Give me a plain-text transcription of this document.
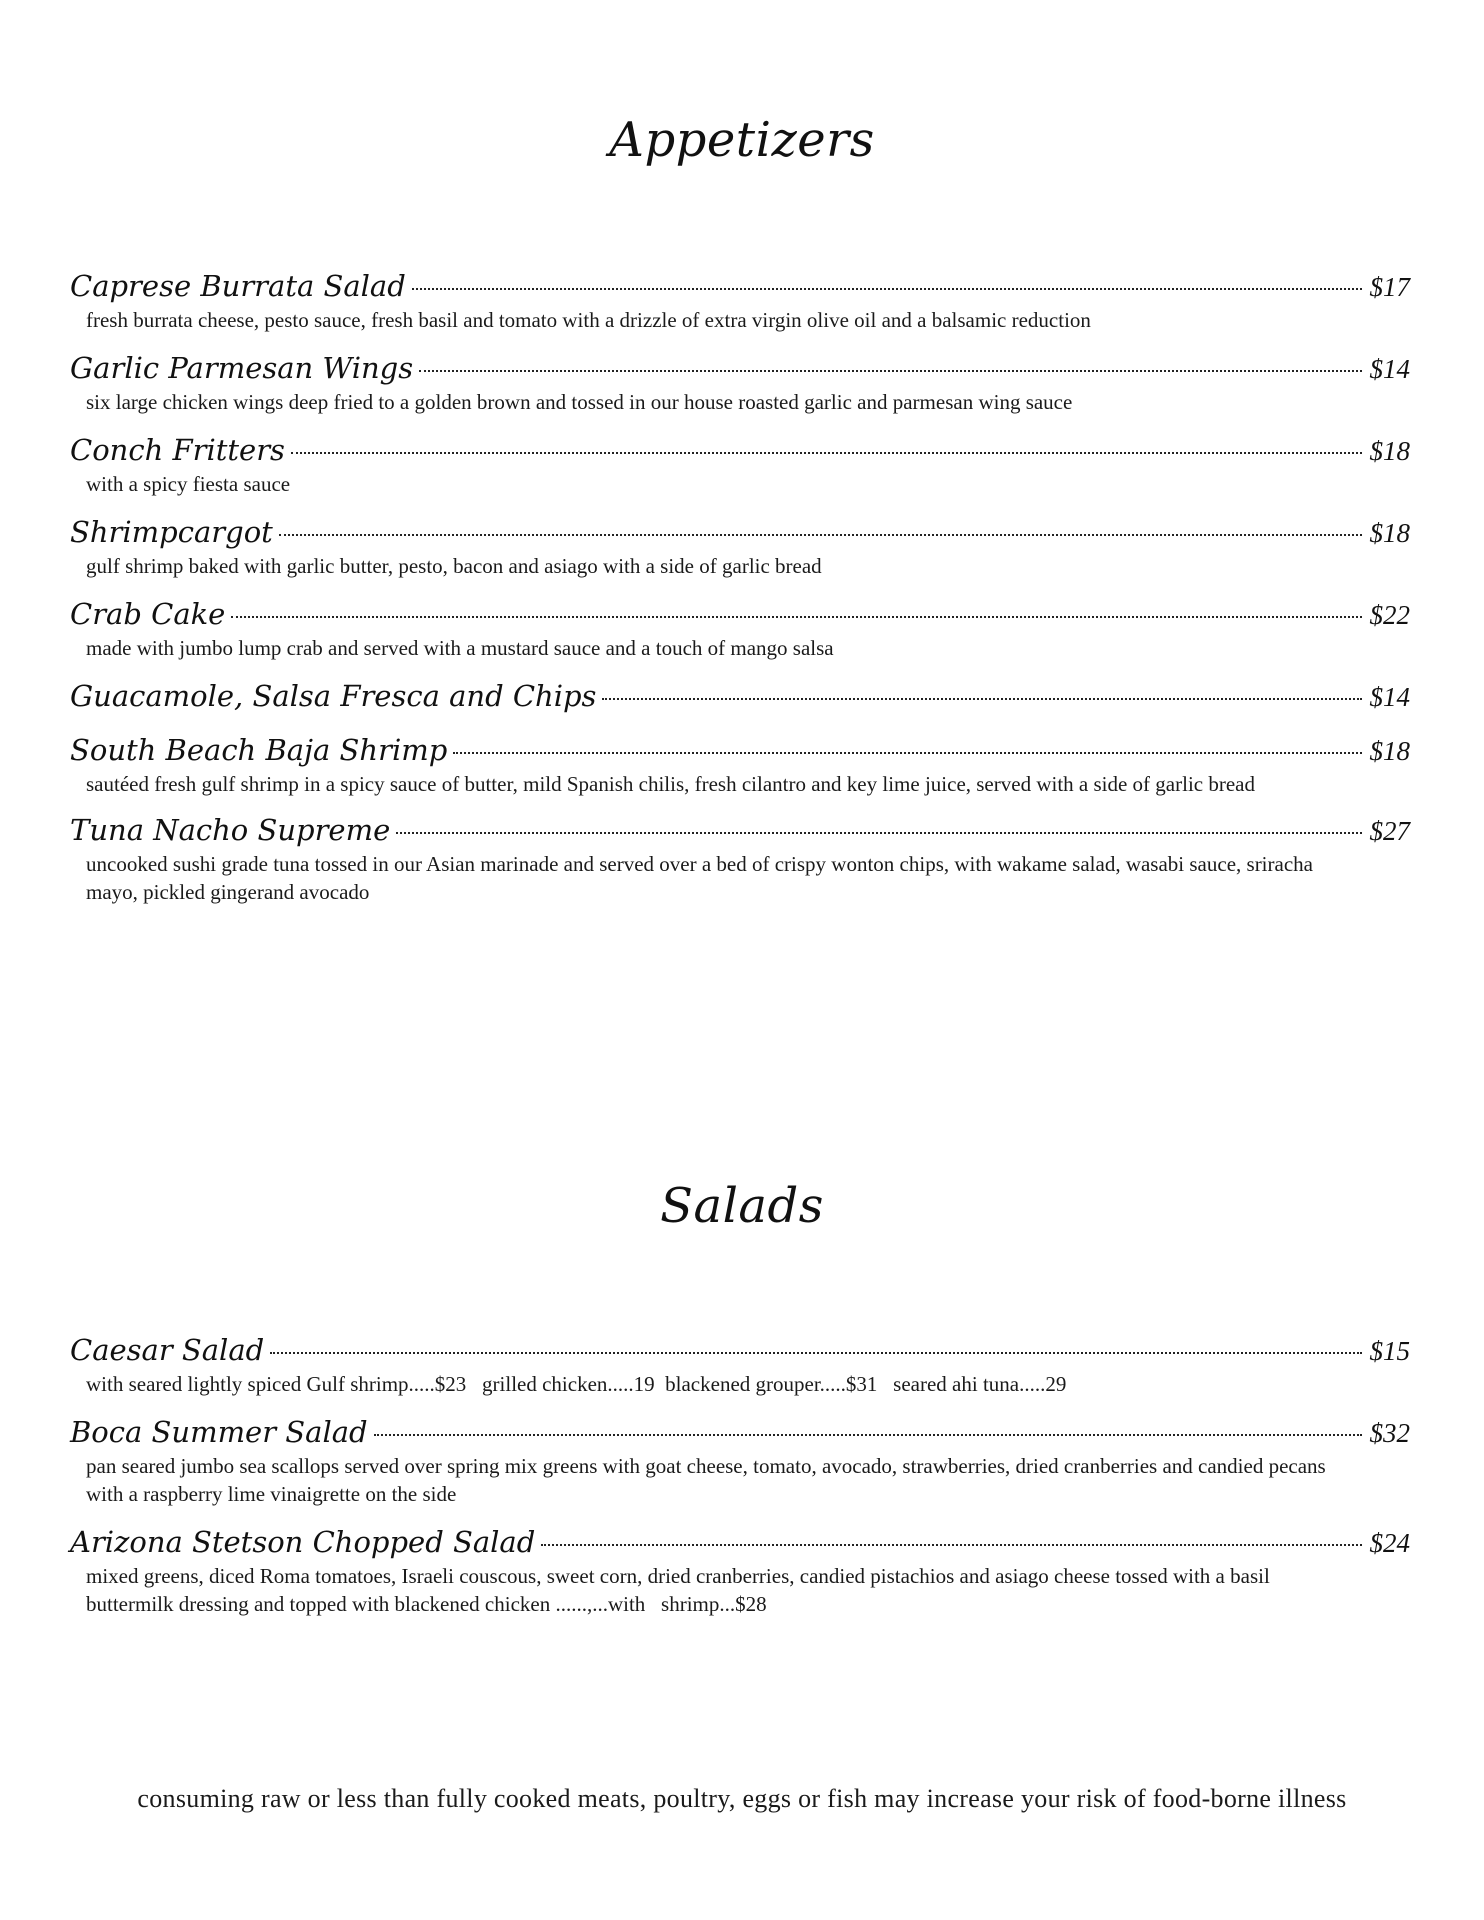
Appetizers
Caprese Burrata Salad	$17
fresh burrata cheese, pesto sauce, fresh basil and tomato with a drizzle of extra virgin olive oil and a balsamic reduction
Garlic Parmesan Wings	$14
six large chicken wings deep fried to a golden brown and tossed in our house roasted garlic and parmesan wing sauce
Conch Fritters	$18
with a spicy fiesta sauce
Shrimpcargot	$18
gulf shrimp baked with garlic butter, pesto, bacon and asiago with a side of garlic bread
Crab Cake	$22
made with jumbo lump crab and served with a mustard sauce and a touch of mango salsa
Guacamole, Salsa Fresca and Chips	$14
South Beach Baja Shrimp	$18
sautéed fresh gulf shrimp in a spicy sauce of butter, mild Spanish chilis, fresh cilantro and key lime juice, served with a side of garlic bread
Tuna Nacho Supreme	$27
uncooked sushi grade tuna tossed in our Asian marinade and served over a bed of crispy wonton chips, with wakame salad, wasabi sauce, sriracha mayo, pickled gingerand avocado
Salads
Caesar Salad	$15
with seared lightly spiced Gulf shrimp.....$23   grilled chicken.....19  blackened grouper.....$31   seared ahi tuna.....29
Boca Summer Salad	$32
pan seared jumbo sea scallops served over spring mix greens with goat cheese, tomato, avocado, strawberries, dried cranberries and candied pecans with a raspberry lime vinaigrette on the side
Arizona Stetson Chopped Salad	$24
mixed greens, diced Roma tomatoes, Israeli couscous, sweet corn, dried cranberries, candied pistachios and asiago cheese tossed with a basil  buttermilk dressing and topped with blackened chicken ......,...with   shrimp...$28
consuming raw or less than fully cooked meats, poultry, eggs or fish may increase your risk of food-borne illness
